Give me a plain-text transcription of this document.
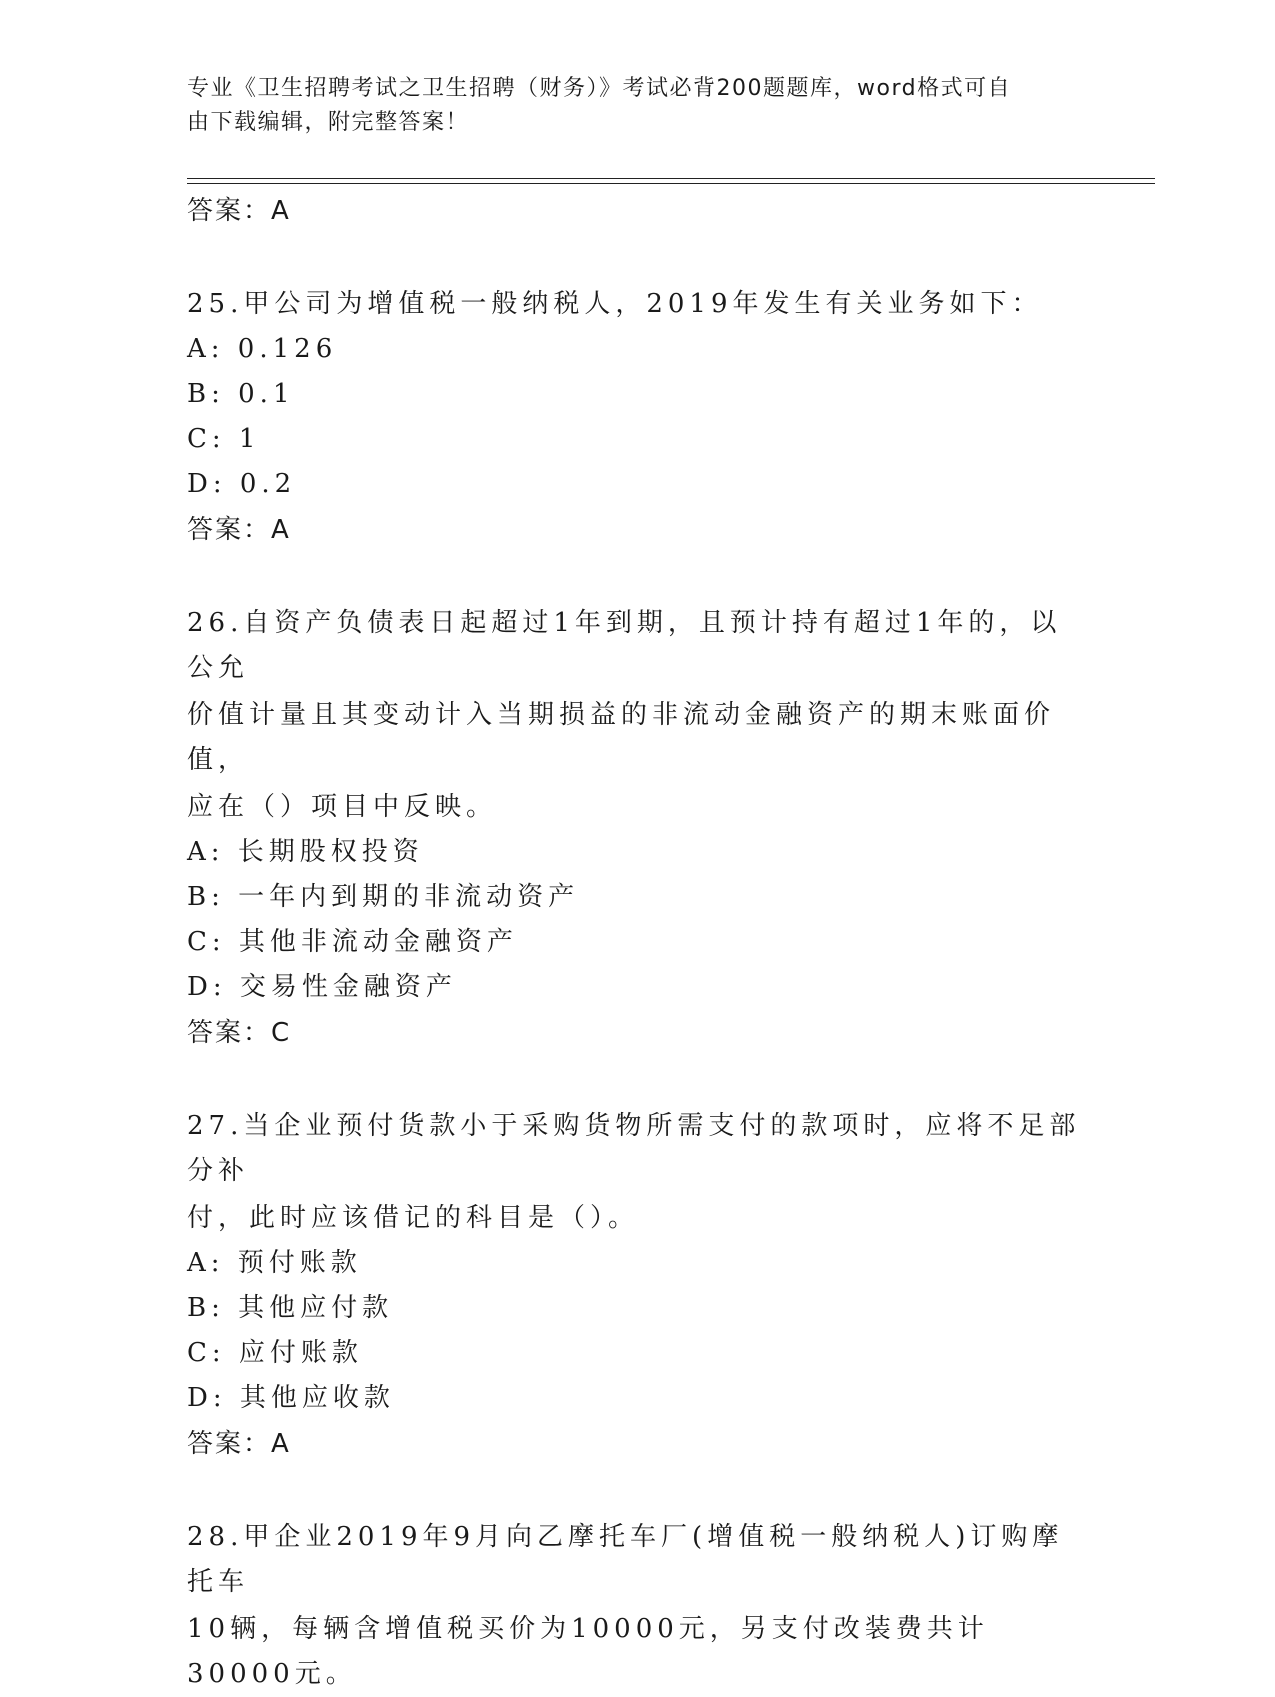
专业《卫生招聘考试之卫生招聘（财务）》考试必背200题题库，word格式可自
由下载编辑，附完整答案！
答案：A
25.甲公司为增值税一般纳税人，2019年发生有关业务如下：
A: 0.126
B: 0.1
C: 1
D: 0.2
答案：A
26.自资产负债表日起超过1年到期，且预计持有超过1年的，以公允
价值计量且其变动计入当期损益的非流动金融资产的期末账面价值，
应在（）项目中反映。
A: 长期股权投资
B: 一年内到期的非流动资产
C: 其他非流动金融资产
D: 交易性金融资产
答案：C
27.当企业预付货款小于采购货物所需支付的款项时，应将不足部分补
付，此时应该借记的科目是（）。
A: 预付账款
B: 其他应付款
C: 应付账款
D: 其他应收款
答案：A
28.甲企业2019年9月向乙摩托车厂(增值税一般纳税人)订购摩托车
10辆，每辆含增值税买价为10000元，另支付改装费共计30000元。
